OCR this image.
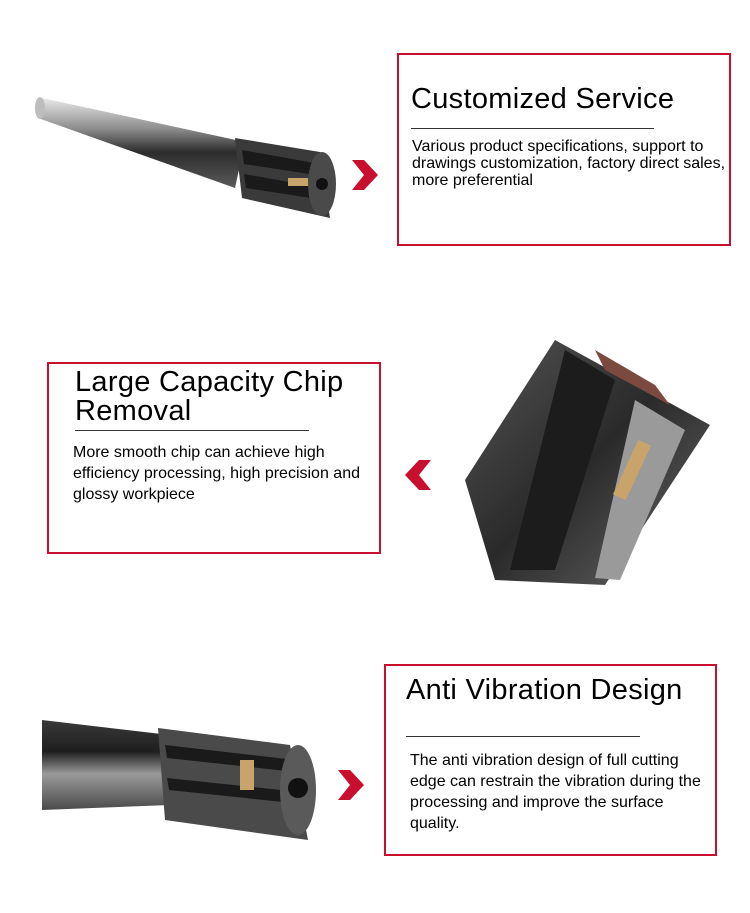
Customized Service
Various product specifications, support to drawings customization, factory direct sales, more preferential
Large Capacity Chip Removal
More smooth chip can achieve high efficiency processing, high precision and glossy workpiece
Anti Vibration Design
The anti vibration design of full cutting edge can restrain the vibration during the processing and improve the surface quality.
